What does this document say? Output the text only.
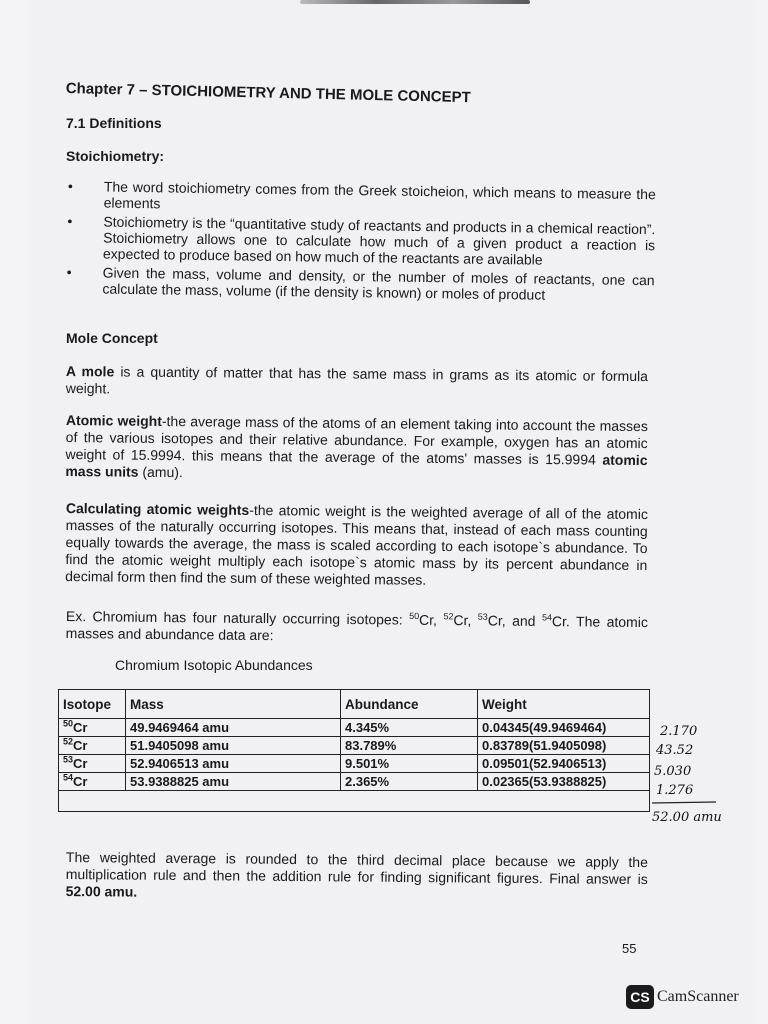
Chapter 7 – STOICHIOMETRY AND THE MOLE CONCEPT
7.1 Definitions
Stoichiometry:
• The word stoichiometry comes from the Greek stoicheion, which means to measure the elements
• Stoichiometry is the “quantitative study of reactants and products in a chemical reaction”. Stoichiometry allows one to calculate how much of a given product a reaction is expected to produce based on how much of the reactants are available
• Given the mass, volume and density, or the number of moles of reactants, one can calculate the mass, volume (if the density is known) or moles of product
Mole Concept
A mole is a quantity of matter that has the same mass in grams as its atomic or formula weight.
Atomic weight-the average mass of the atoms of an element taking into account the masses of the various isotopes and their relative abundance. For example, oxygen has an atomic weight of 15.9994. this means that the average of the atoms' masses is 15.9994 atomic mass units (amu).
Calculating atomic weights-the atomic weight is the weighted average of all of the atomic masses of the naturally occurring isotopes. This means that, instead of each mass counting equally towards the average, the mass is scaled according to each isotope`s abundance. To find the atomic weight multiply each isotope`s atomic mass by its percent abundance in decimal form then find the sum of these weighted masses.
Ex. Chromium has four naturally occurring isotopes: $^{50}$Cr, $^{52}$Cr, $^{53}$Cr, and $^{54}$Cr. The atomic masses and abundance data are:
Chromium Isotopic Abundances
Isotope	Mass	Abundance	Weight
$^{50}$Cr	49.9469464 amu	4.345%	0.04345(49.9469464)
$^{52}$Cr	51.9405098 amu	83.789%	0.83789(51.9405098)
$^{53}$Cr	52.9406513 amu	9.501%	0.09501(52.9406513)
$^{54}$Cr	53.9388825 amu	2.365%	0.02365(53.9388825)

2.170
43.52
5.030
1.276
52.00 amu
The weighted average is rounded to the third decimal place because we apply the multiplication rule and then the addition rule for finding significant figures. Final answer is 52.00 amu.
55
CS CamScanner
